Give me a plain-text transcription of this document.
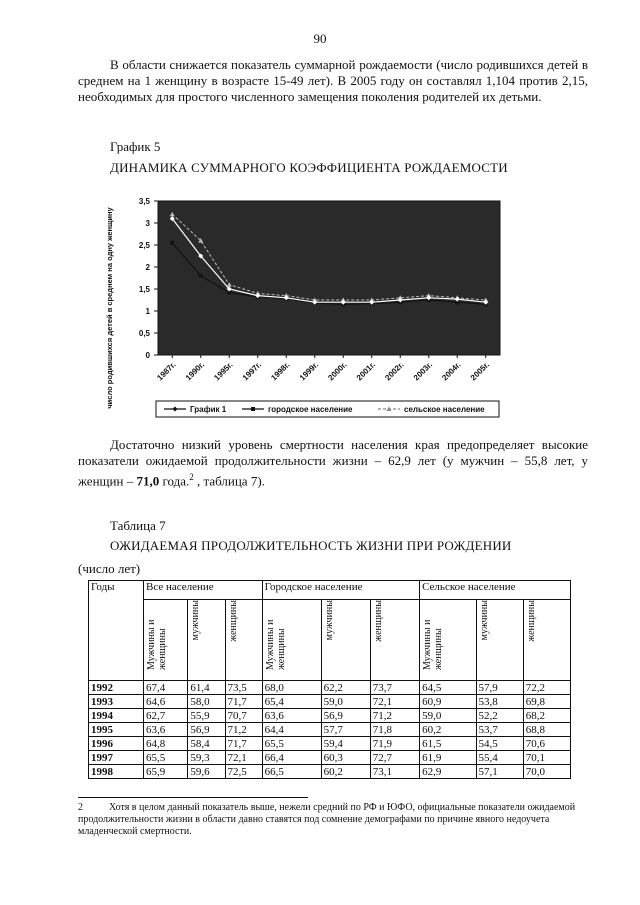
90
В области снижается показатель суммарной рождаемости (число родившихся детей в среднем на 1 женщину в возрасте 15-49 лет). В 2005 году он составлял 1,104 против 2,15, необходимых для простого численного замещения поколения родителей их детьми.
График 5
ДИНАМИКА СУММАРНОГО КОЭФФИЦИЕНТА РОЖДАЕМОСТИ
0
0,5
1
1,5
2
2,5
3
3,5
1987г. 1990г. 1995г. 1997г. 1998г. 1999г. 2000г. 2001г. 2002г. 2003г. 2004г. 2005г.
число родившихся детей в среднем на одну женщину
График 1	городское население	сельское население
Достаточно низкий уровень смертности населения края предопределяет высокие показатели ожидаемой продолжительности жизни – 62,9 лет (у мужчин – 55,8 лет, у женщин – 71,0 года.$^2$ , таблица 7).
Таблица 7
ОЖИДАЕМАЯ ПРОДОЛЖИТЕЛЬНОСТЬ ЖИЗНИ ПРИ РОЖДЕНИИ
(число лет)
Годы	Все население			Городское население			Сельское население		
	Мужчины и женщины	мужчины	женщины	Мужчины и женщины	мужчины	женщины	Мужчины и женщины	мужчины	женщины
1992	67,4	61,4	73,5	68,0	62,2	73,7	64,5	57,9	72,2
1993	64,6	58,0	71,7	65,4	59,0	72,1	60,9	53,8	69,8
1994	62,7	55,9	70,7	63,6	56,9	71,2	59,0	52,2	68,2
1995	63,6	56,9	71,2	64,4	57,7	71,8	60,2	53,7	68,8
1996	64,8	58,4	71,7	65,5	59,4	71,9	61,5	54,5	70,6
1997	65,5	59,3	72,1	66,4	60,3	72,7	61,9	55,4	70,1
1998	65,9	59,6	72,5	66,5	60,2	73,1	62,9	57,1	70,0
2	Хотя в целом данный показатель выше, нежели средний по РФ и ЮФО, официальные показатели ожидаемой продолжительности жизни в области давно ставятся под сомнение демографами по причине явного недоучета младенческой смертности.
